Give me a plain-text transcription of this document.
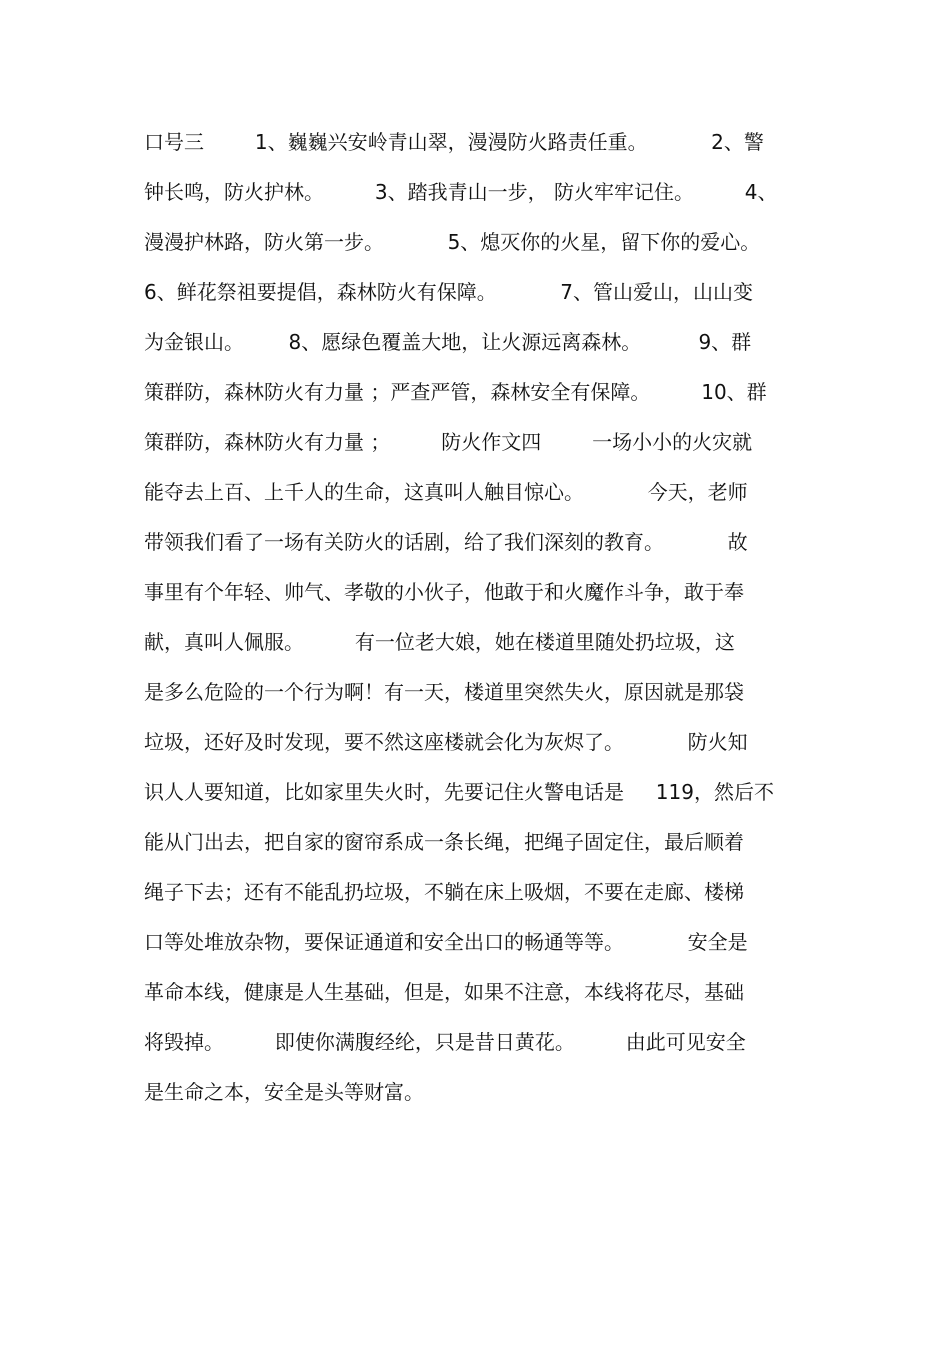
口号三        1、巍巍兴安岭青山翠，漫漫防火路责任重。          2、警
钟长鸣，防火护林。        3、踏我青山一步， 防火牢牢记住。        4、
漫漫护林路，防火第一步。          5、熄灭你的火星，留下你的爱心。
6、鲜花祭祖要提倡，森林防火有保障。          7、管山爱山，山山变
为金银山。       8、愿绿色覆盖大地，让火源远离森林。         9、群
策群防，森林防火有力量 ；严查严管，森林安全有保障。        10、群
策群防，森林防火有力量 ；        防火作文四        一场小小的火灾就
能夺去上百、上千人的生命，这真叫人触目惊心。          今天，老师
带领我们看了一场有关防火的话剧，给了我们深刻的教育。          故
事里有个年轻、帅气、孝敬的小伙子，他敢于和火魔作斗争，敢于奉
献，真叫人佩服。        有一位老大娘，她在楼道里随处扔垃圾，这
是多么危险的一个行为啊！有一天，楼道里突然失火，原因就是那袋
垃圾，还好及时发现，要不然这座楼就会化为灰烬了。          防火知
识人人要知道，比如家里失火时，先要记住火警电话是     119，然后不
能从门出去，把自家的窗帘系成一条长绳，把绳子固定住，最后顺着
绳子下去；还有不能乱扔垃圾，不躺在床上吸烟，不要在走廊、楼梯
口等处堆放杂物，要保证通道和安全出口的畅通等等。          安全是
革命本线，健康是人生基础，但是，如果不注意，本线将花尽，基础
将毁掉。        即使你满腹经纶，只是昔日黄花。        由此可见安全
是生命之本，安全是头等财富。
